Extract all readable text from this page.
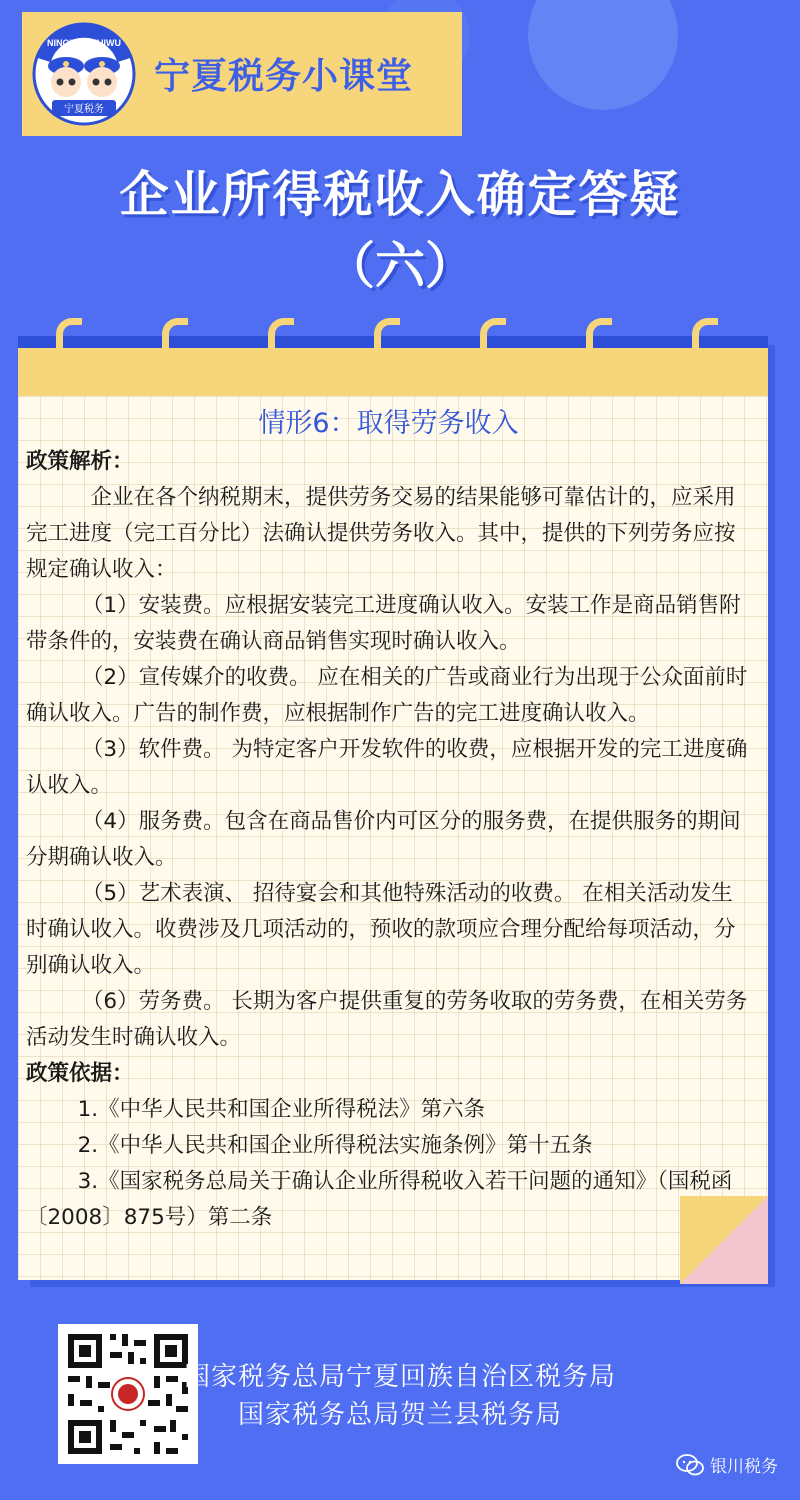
NINGXIASHUIWU
宁夏税务
宁夏税务小课堂
企业所得税收入确定答疑
（六）
情形6：取得劳务收入
政策解析：

企业在各个纳税期末，提供劳务交易的结果能够可靠估计的，应采用完工进度（完工百分比）法确认提供劳务收入。其中，提供的下列劳务应按规定确认收入：

（1）安装费。应根据安装完工进度确认收入。安装工作是商品销售附带条件的，安装费在确认商品销售实现时确认收入。

（2）宣传媒介的收费。 应在相关的广告或商业行为出现于公众面前时确认收入。广告的制作费，应根据制作广告的完工进度确认收入。

（3）软件费。 为特定客户开发软件的收费，应根据开发的完工进度确认收入。

（4）服务费。包含在商品售价内可区分的服务费，在提供服务的期间分期确认收入。

（5）艺术表演、 招待宴会和其他特殊活动的收费。 在相关活动发生时确认收入。收费涉及几项活动的，预收的款项应合理分配给每项活动，分别确认收入。

（6）劳务费。 长期为客户提供重复的劳务收取的劳务费，在相关劳务活动发生时确认收入。

政策依据：

1.《中华人民共和国企业所得税法》第六条

2.《中华人民共和国企业所得税法实施条例》第十五条

3.《国家税务总局关于确认企业所得税收入若干问题的通知》（国税函〔2008〕875号）第二条

国家税务总局宁夏回族自治区税务局
国家税务总局贺兰县税务局
银川税务
